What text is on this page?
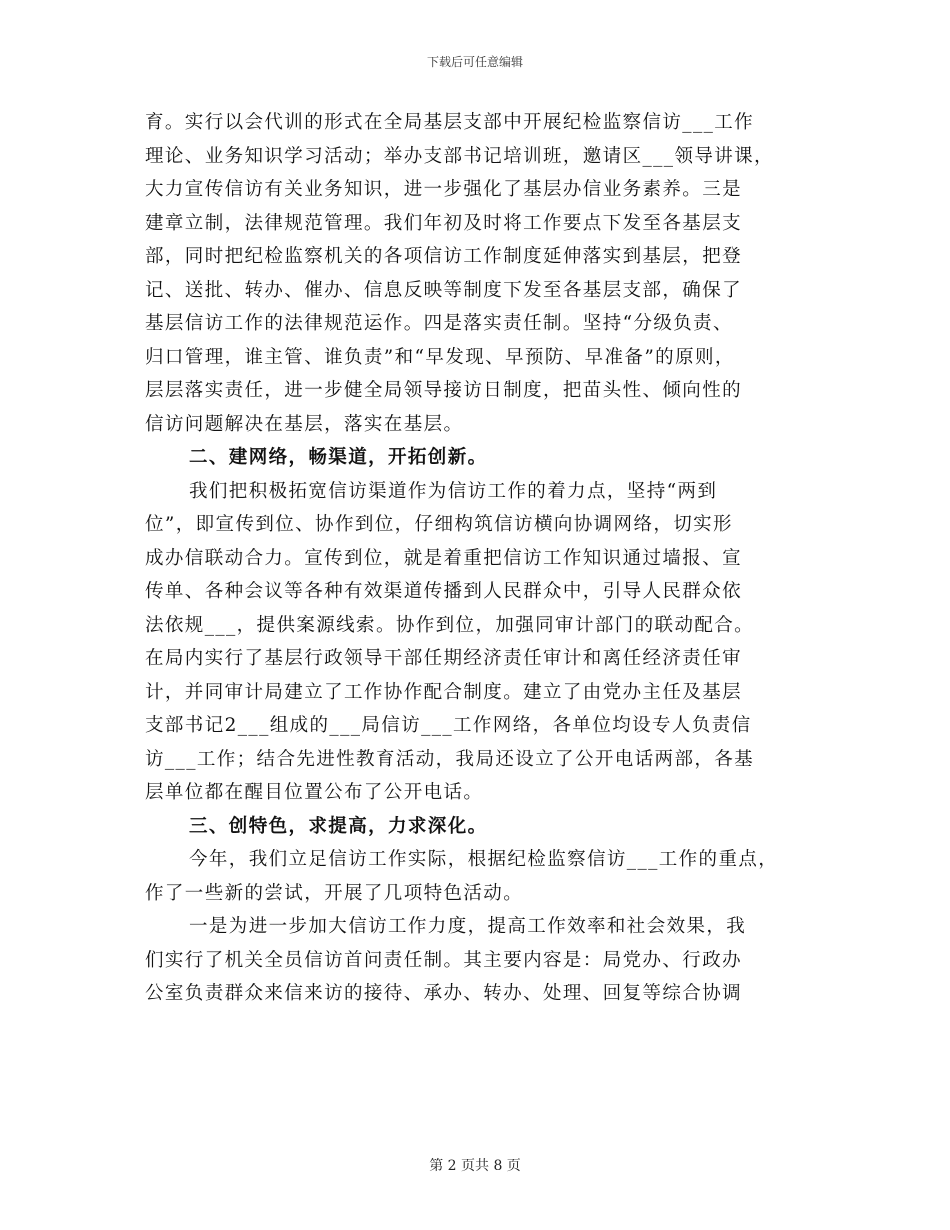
下载后可任意编辑
育。实行以会代训的形式在全局基层支部中开展纪检监察信访___工作
理论、业务知识学习活动；举办支部书记培训班，邀请区___领导讲课，
大力宣传信访有关业务知识，进一步强化了基层办信业务素养。三是
建章立制，法律规范管理。我们年初及时将工作要点下发至各基层支
部，同时把纪检监察机关的各项信访工作制度延伸落实到基层，把登
记、送批、转办、催办、信息反映等制度下发至各基层支部，确保了
基层信访工作的法律规范运作。四是落实责任制。坚持“分级负责、
归口管理，谁主管、谁负责”和“早发现、早预防、早准备”的原则，
层层落实责任，进一步健全局领导接访日制度，把苗头性、倾向性的
信访问题解决在基层，落实在基层。
二、建网络，畅渠道，开拓创新。
我们把积极拓宽信访渠道作为信访工作的着力点，坚持“两到
位”，即宣传到位、协作到位，仔细构筑信访横向协调网络，切实形
成办信联动合力。宣传到位，就是着重把信访工作知识通过墙报、宣
传单、各种会议等各种有效渠道传播到人民群众中，引导人民群众依
法依规___，提供案源线索。协作到位，加强同审计部门的联动配合。
在局内实行了基层行政领导干部任期经济责任审计和离任经济责任审
计，并同审计局建立了工作协作配合制度。建立了由党办主任及基层
支部书记2___组成的___局信访___工作网络，各单位均设专人负责信
访___工作；结合先进性教育活动，我局还设立了公开电话两部，各基
层单位都在醒目位置公布了公开电话。
三、创特色，求提高，力求深化。
今年，我们立足信访工作实际，根据纪检监察信访___工作的重点，
作了一些新的尝试，开展了几项特色活动。
一是为进一步加大信访工作力度，提高工作效率和社会效果，我
们实行了机关全员信访首问责任制。其主要内容是：局党办、行政办
公室负责群众来信来访的接待、承办、转办、处理、回复等综合协调
第 2 页共 8 页
